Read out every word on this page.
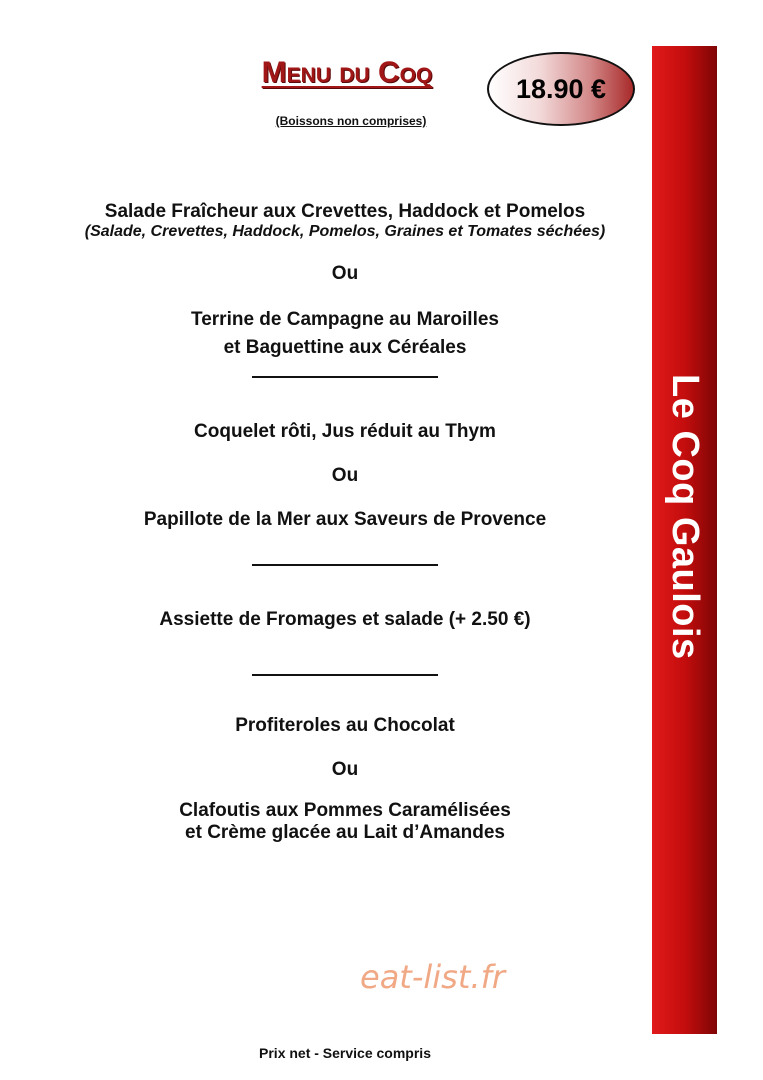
Menu du Coq
(Boissons non comprises)
18.90 €
Le Coq Gaulois
Salade Fraîcheur aux Crevettes, Haddock et Pomelos
(Salade, Crevettes, Haddock, Pomelos, Graines et Tomates séchées)
Ou
Terrine de Campagne au Maroilles
et Baguettine aux Céréales
Coquelet rôti, Jus réduit au Thym
Ou
Papillote de la Mer aux Saveurs de Provence
Assiette de Fromages et salade (+ 2.50 €)
Profiteroles au Chocolat
Ou
Clafoutis aux Pommes Caramélisées
et Crème glacée au Lait d’Amandes
eat-list.fr
Prix net - Service compris
